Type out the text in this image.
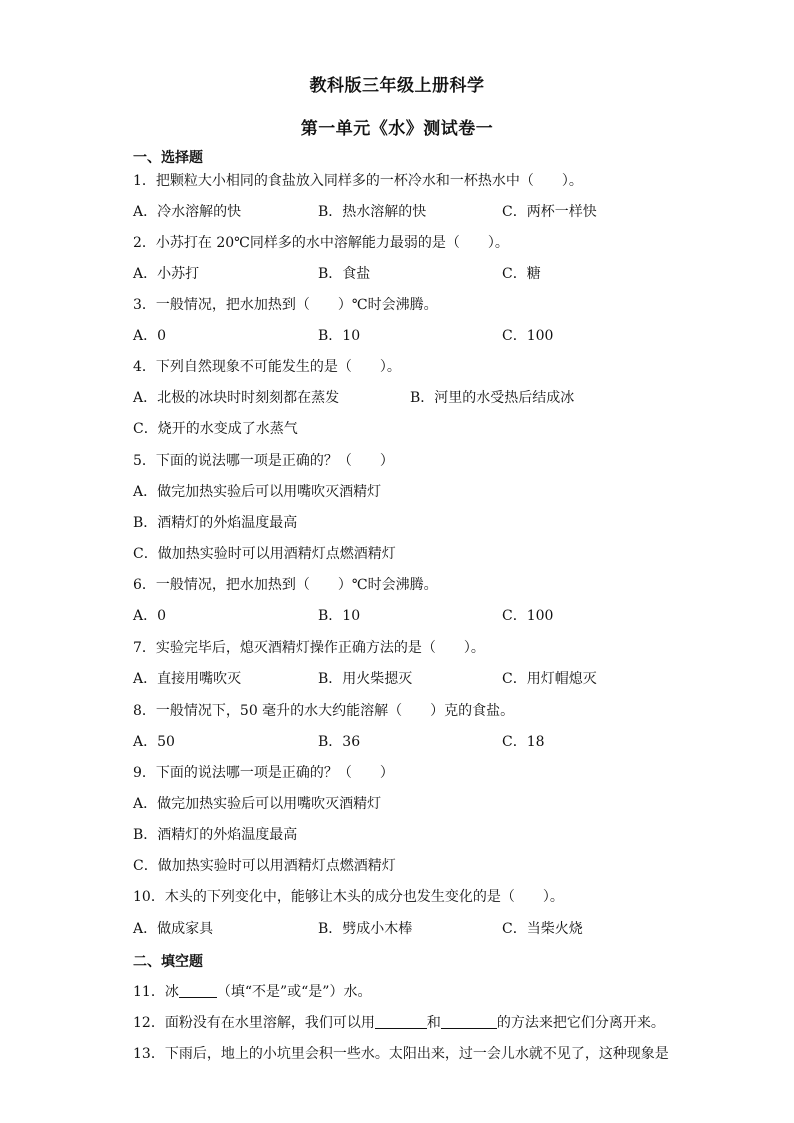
教科版三年级上册科学
第一单元《水》测试卷一
一、选择题
1．把颗粒大小相同的食盐放入同样多的一杯冷水和一杯热水中（　　）。
A．冷水溶解的快	B．热水溶解的快	C．两杯一样快
2．小苏打在 20℃同样多的水中溶解能力最弱的是（　　）。
A．小苏打	B．食盐	C．糖
3．一般情况，把水加热到（　　）℃时会沸腾。
A．0	B．10	C．100
4．下列自然现象不可能发生的是（　　）。
A．北极的冰块时时刻刻都在蒸发	B．河里的水受热后结成冰
C．烧开的水变成了水蒸气
5．下面的说法哪一项是正确的？（　　）
A．做完加热实验后可以用嘴吹灭酒精灯
B．酒精灯的外焰温度最高
C．做加热实验时可以用酒精灯点燃酒精灯
6．一般情况，把水加热到（　　）℃时会沸腾。
A．0	B．10	C．100
7．实验完毕后，熄灭酒精灯操作正确方法的是（　　）。
A．直接用嘴吹灭	B．用火柴摁灭	C．用灯帽熄灭
8．一般情况下，50 毫升的水大约能溶解（　　）克的食盐。
A．50	B．36	C．18
9．下面的说法哪一项是正确的？（　　）
A．做完加热实验后可以用嘴吹灭酒精灯
B．酒精灯的外焰温度最高
C．做加热实验时可以用酒精灯点燃酒精灯
10．木头的下列变化中，能够让木头的成分也发生变化的是（　　）。
A．做成家具	B．劈成小木棒	C．当柴火烧
二、填空题
11．冰	（填“不是”或“是”）水。
12．面粉没有在水里溶解，我们可以用	和	的方法来把它们分离开来。
13．下雨后，地上的小坑里会积一些水。太阳出来，过一会儿水就不见了，这种现象是
